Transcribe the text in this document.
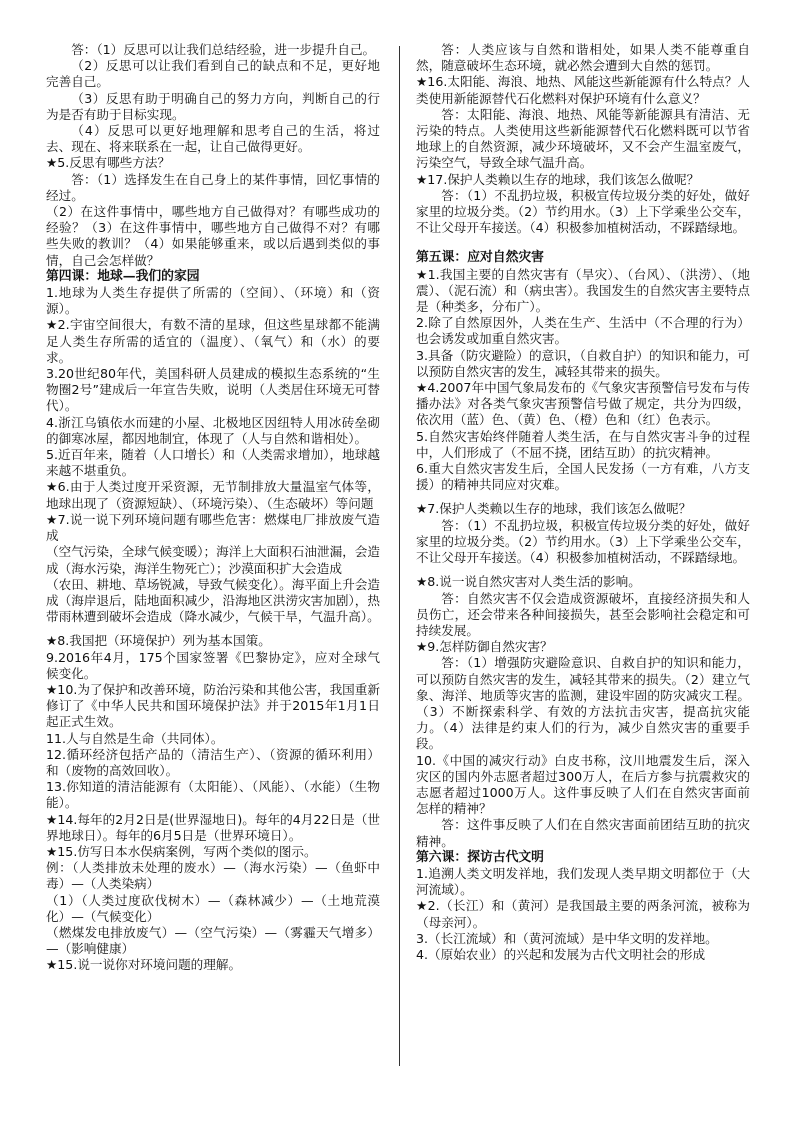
答：（1）反思可以让我们总结经验，进一步提升自己。

（2）反思可以让我们看到自己的缺点和不足，更好地完善自己。

（3）反思有助于明确自己的努力方向，判断自己的行为是否有助于目标实现。

（4）反思可以更好地理解和思考自己的生活，将过去、现在、将来联系在一起，让自己做得更好。

★5.反思有哪些方法？

答：（1）选择发生在自己身上的某件事情，回忆事情的经过。

（2）在这件事情中，哪些地方自己做得对？有哪些成功的经验？（3）在这件事情中，哪些地方自己做得不对？有哪些失败的教训？（4）如果能够重来，或以后遇到类似的事情，自己会怎样做？

第四课：地球—我们的家园

1.地球为人类生存提供了所需的（空间）、（环境）和（资源）。

★2.宇宙空间很大，有数不清的星球，但这些星球都不能满足人类生存所需的适宜的（温度）、（氧气）和（水）的要求。

3.20世纪80年代，美国科研人员建成的模拟生态系统的“生物圈2号”建成后一年宣告失败，说明（人类居住环境无可替代）。

4.浙江乌镇依水而建的小屋、北极地区因纽特人用冰砖垒砌的御寒冰屋，都因地制宜，体现了（人与自然和谐相处）。

5.近百年来，随着（人口增长）和（人类需求增加），地球越来越不堪重负。

★6.由于人类过度开采资源，无节制排放大量温室气体等，地球出现了（资源短缺）、（环境污染）、（生态破坏）等问题

★7.说一说下列环境问题有哪些危害：燃煤电厂排放废气造成

（空气污染，全球气候变暖）；海洋上大面积石油泄漏，会造成（海水污染，海洋生物死亡）；沙漠面积扩大会造成

（农田、耕地、草场锐减，导致气候变化）。海平面上升会造成（海岸退后，陆地面积减少，沿海地区洪涝灾害加剧），热带雨林遭到破坏会造成（降水减少，气候干旱，气温升高）。

★8.我国把（环境保护）列为基本国策。

9.2016年4月，175个国家签署《巴黎协定》，应对全球气候变化。

★10.为了保护和改善环境，防治污染和其他公害，我国重新修订了《中华人民共和国环境保护法》并于2015年1月1日起正式生效。

11.人与自然是生命（共同体）。

12.循环经济包括产品的（清洁生产）、（资源的循环利用）和（废物的高效回收）。

13.你知道的清洁能源有（太阳能）、（风能）、（水能）（生物能）。

★14.每年的2月2日是(世界湿地日)。每年的4月22日是（世界地球日）。每年的6月5日是（世界环境日）。

★15.仿写日本水俣病案例，写两个类似的图示。

例：（人类排放未处理的废水）—（海水污染）—（鱼虾中毒）—（人类染病）

（1）（人类过度砍伐树木）—（森林减少）—（土地荒漠化）—（气候变化）

（燃煤发电排放废气）—（空气污染）—（雾霾天气增多）—（影响健康）

★15.说一说你对环境问题的理解。

答：人类应该与自然和谐相处，如果人类不能尊重自然，随意破坏生态环境，就必然会遭到大自然的惩罚。

★16.太阳能、海浪、地热、风能这些新能源有什么特点？人类使用新能源替代石化燃料对保护环境有什么意义？

答：太阳能、海浪、地热、风能等新能源具有清洁、无污染的特点。人类使用这些新能源替代石化燃料既可以节省地球上的自然资源，减少环境破坏，又不会产生温室废气，污染空气，导致全球气温升高。

★17.保护人类赖以生存的地球，我们该怎么做呢？

答：（1）不乱扔垃圾，积极宣传垃圾分类的好处，做好家里的垃圾分类。（2）节约用水。（3）上下学乘坐公交车，不让父母开车接送。（4）积极参加植树活动，不踩踏绿地。

第五课：应对自然灾害

★1.我国主要的自然灾害有（旱灾）、（台风）、（洪涝）、（地震）、（泥石流）和（病虫害）。我国发生的自然灾害主要特点是（种类多，分布广）。

2.除了自然原因外，人类在生产、生活中（不合理的行为）也会诱发或加重自然灾害。

3.具备（防灾避险）的意识，（自救自护）的知识和能力，可以预防自然灾害的发生，减轻其带来的损失。

★4.2007年中国气象局发布的《气象灾害预警信号发布与传播办法》对各类气象灾害预警信号做了规定，共分为四级，依次用（蓝）色、（黄）色、（橙）色和（红）色表示。

5.自然灾害始终伴随着人类生活，在与自然灾害斗争的过程中，人们形成了（不屈不挠，团结互助）的抗灾精神。

6.重大自然灾害发生后，全国人民发扬（一方有难，八方支援）的精神共同应对灾难。

★7.保护人类赖以生存的地球，我们该怎么做呢？

答：（1）不乱扔垃圾，积极宣传垃圾分类的好处，做好家里的垃圾分类。（2）节约用水。（3）上下学乘坐公交车，不让父母开车接送。（4）积极参加植树活动，不踩踏绿地。

★8.说一说自然灾害对人类生活的影响。

答：自然灾害不仅会造成资源破坏，直接经济损失和人员伤亡，还会带来各种间接损失，甚至会影响社会稳定和可持续发展。

★9.怎样防御自然灾害？

答：（1）增强防灾避险意识、自救自护的知识和能力，可以预防自然灾害的发生，减轻其带来的损失。（2）建立气象、海洋、地质等灾害的监测，建设牢固的防灾减灾工程。（3）不断探索科学、有效的方法抗击灾害，提高抗灾能力。（4）法律是约束人们的行为，减少自然灾害的重要手段。

10.《中国的减灾行动》白皮书称，汶川地震发生后，深入灾区的国内外志愿者超过300万人，在后方参与抗震救灾的志愿者超过1000万人。这件事反映了人们在自然灾害面前怎样的精神？

答：这件事反映了人们在自然灾害面前团结互助的抗灾精神。

第六课：探访古代文明

1.追溯人类文明发祥地，我们发现人类早期文明都位于（大河流域）。

★2.（长江）和（黄河）是我国最主要的两条河流，被称为（母亲河）。

3.（长江流域）和（黄河流域）是中华文明的发祥地。

4.（原始农业）的兴起和发展为古代文明社会的形成
